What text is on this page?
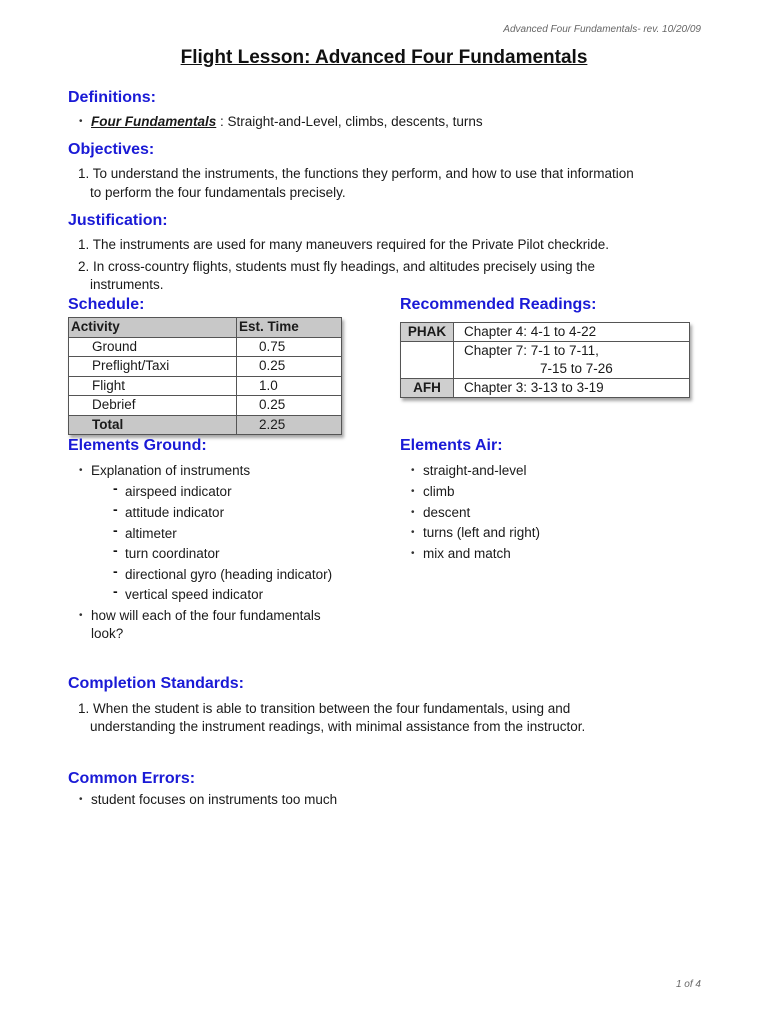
Advanced Four Fundamentals- rev. 10/20/09
Flight Lesson: Advanced Four Fundamentals
Definitions:
• Four Fundamentals : Straight-and-Level, climbs, descents, turns
Objectives:
1. To understand the instruments, the functions they perform, and how to use that information
to perform the four fundamentals precisely.
Justification:
1. The instruments are used for many maneuvers required for the Private Pilot checkride.
2. In cross-country flights, students must fly headings, and altitudes precisely using the
instruments.
Schedule:
Activity	Est. Time
Ground	0.75
Preflight/Taxi	0.25
Flight	1.0
Debrief	0.25
Total	2.25
Recommended Readings:
PHAK	Chapter 4: 4-1 to 4-22
	Chapter 7: 7-1 to 7-11,
	7-15 to 7-26
AFH	Chapter 3: 3-13 to 3-19
Elements Ground:
• Explanation of instruments
- airspeed indicator
- attitude indicator
- altimeter
- turn coordinator
- directional gyro (heading indicator)
- vertical speed indicator
• how will each of the four fundamentals
look?
Elements Air:
• straight-and-level
• climb
• descent
• turns (left and right)
• mix and match
Completion Standards:
1. When the student is able to transition between the four fundamentals, using and
understanding the instrument readings, with minimal assistance from the instructor.
Common Errors:
• student focuses on instruments too much
1 of 4
